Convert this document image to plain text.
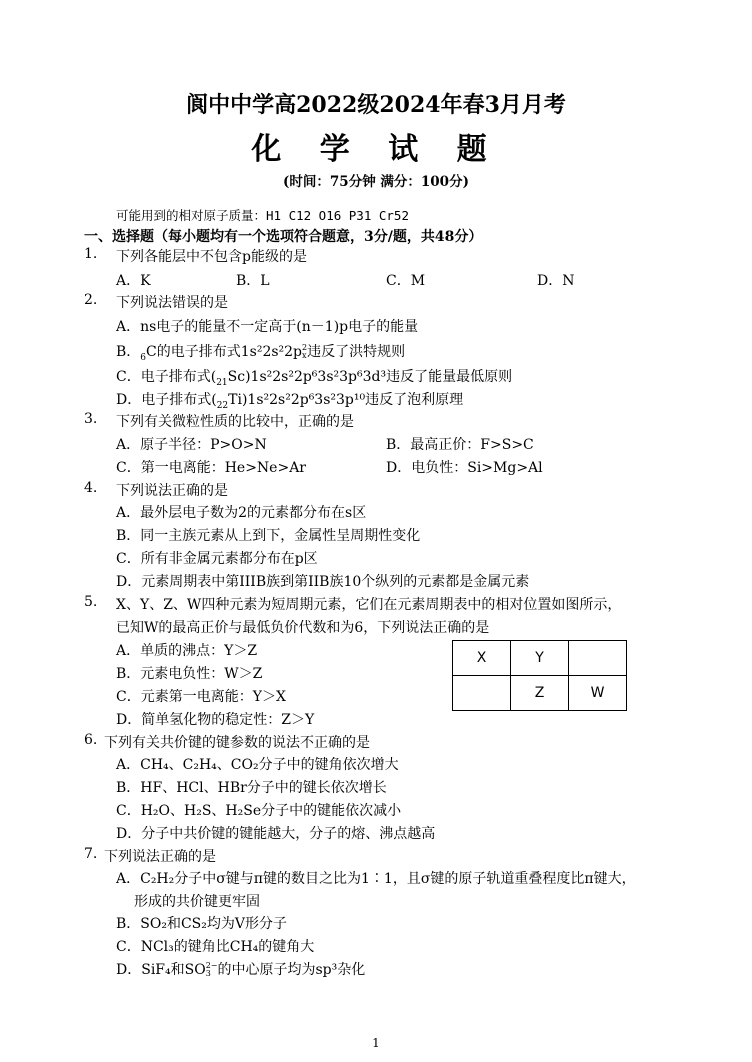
阆中中学高2022级2024年春3月月考
化 学 试 题
(时间：75分钟 满分：100分)
可能用到的相对原子质量：H1 C12 O16 P31 Cr52
一、选择题（每小题均有一个选项符合题意，3分/题，共48分）
1. 下列各能层中不包含p能级的是
A．K	B．L	C．M	D．N
2. 下列说法错误的是
A．ns电子的能量不一定高于(n－1)p电子的能量
B．$_6$C的电子排布式1s²2s²2p 2
x 违反了洪特规则
C．电子排布式$(_{21}Sc)1s^22s^22p^63s^23p^63d^3$违反了能量最低原则
D．电子排布式$(_{22}Ti)1s^22s^22p^63s^23p^{10}$违反了泡利原理
3. 下列有关微粒性质的比较中，正确的是
A．原子半径：P>O>N	B．最高正价：F>S>C
C．第一电离能：He>Ne>Ar	D．电负性：Si>Mg>Al
4. 下列说法正确的是
A．最外层电子数为2的元素都分布在s区
B．同一主族元素从上到下，金属性呈周期性变化
C．所有非金属元素都分布在p区
D．元素周期表中第IIIB族到第IIB族10个纵列的元素都是金属元素
5. X、Y、Z、W四种元素为短周期元素，它们在元素周期表中的相对位置如图所示，
已知W的最高正价与最低负价代数和为6，下列说法正确的是
A．单质的沸点：Y＞Z
B．元素电负性：W＞Z
C．元素第一电离能：Y＞X
D．简单氢化物的稳定性：Z＞Y
X	Y	
	Z	W
6. 下列有关共价键的键参数的说法不正确的是
A．CH₄、C₂H₄、CO₂分子中的键角依次增大
B．HF、HCl、HBr分子中的键长依次增长
C．H₂O、H₂S、H₂Se分子中的键能依次减小
D．分子中共价键的键能越大，分子的熔、沸点越高
7. 下列说法正确的是
A．C₂H₂分子中σ键与π键的数目之比为1∶1，且σ键的原子轨道重叠程度比π键大，
形成的共价键更牢固
B．SO₂和CS₂均为V形分子
C．NCl₃的键角比CH₄的键角大
D．SiF₄和SO 2−
3 的中心原子均为sp³杂化
1
